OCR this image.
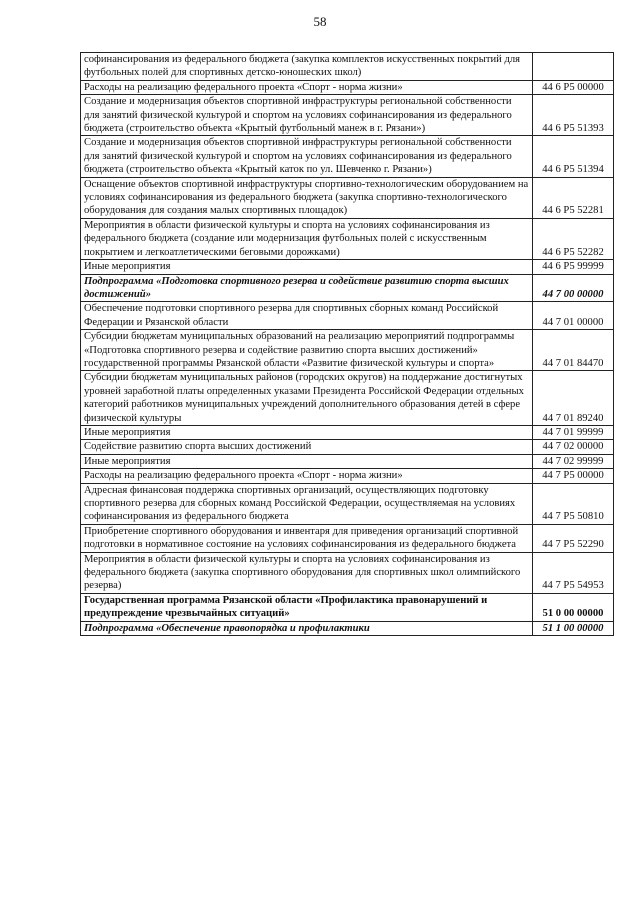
58
софинансирования из федерального бюджета (закупка комплектов искусственных покрытий для футбольных полей для спортивных детско-юношеских школ)	
Расходы на реализацию федерального проекта «Спорт - норма жизни»	44 6 P5 00000
Создание и модернизация объектов спортивной инфраструктуры региональной собственности для занятий физической культурой и спортом на условиях софинансирования из федерального бюджета (строительство объекта «Крытый футбольный манеж в г. Рязани»)	44 6 P5 51393
Создание и модернизация объектов спортивной инфраструктуры региональной собственности для занятий физической культурой и спортом на условиях софинансирования из федерального бюджета (строительство объекта «Крытый каток по ул. Шевченко г. Рязани»)	44 6 P5 51394
Оснащение объектов спортивной инфраструктуры спортивно-технологическим оборудованием на условиях софинансирования из федерального бюджета (закупка спортивно-технологического оборудования для создания малых спортивных площадок)	44 6 P5 52281
Мероприятия в области физической культуры и спорта на условиях софинансирования из федерального бюджета (создание или модернизация футбольных полей с искусственным покрытием и легкоатлетическими беговыми дорожками)	44 6 P5 52282
Иные мероприятия	44 6 P5 99999
Подпрограмма «Подготовка спортивного резерва и содействие развитию спорта высших достижений»	44 7 00 00000
Обеспечение подготовки спортивного резерва для спортивных сборных команд Российской Федерации и Рязанской области	44 7 01 00000
Субсидии бюджетам муниципальных образований на реализацию мероприятий подпрограммы «Подготовка спортивного резерва и содействие развитию спорта высших достижений» государственной программы Рязанской области «Развитие физической культуры и спорта»	44 7 01 84470
Субсидии бюджетам муниципальных районов (городских округов) на поддержание достигнутых уровней заработной платы определенных указами Президента Российской Федерации отдельных категорий работников муниципальных учреждений дополнительного образования детей в сфере физической культуры	44 7 01 89240
Иные мероприятия	44 7 01 99999
Содействие развитию спорта высших достижений	44 7 02 00000
Иные мероприятия	44 7 02 99999
Расходы на реализацию федерального проекта «Спорт - норма жизни»	44 7 P5 00000
Адресная финансовая поддержка спортивных организаций, осуществляющих подготовку спортивного резерва для сборных команд Российской Федерации, осуществляемая на условиях софинансирования из федерального бюджета	44 7 P5 50810
Приобретение спортивного оборудования и инвентаря для приведения организаций спортивной подготовки в нормативное состояние на условиях софинансирования из федерального бюджета	44 7 P5 52290
Мероприятия в области физической культуры и спорта на условиях софинансирования из федерального бюджета (закупка спортивного оборудования для спортивных школ олимпийского резерва)	44 7 P5 54953
Государственная программа Рязанской области «Профилактика правонарушений и предупреждение чрезвычайных ситуаций»	51 0 00 00000
Подпрограмма «Обеспечение правопорядка и профилактики	51 1 00 00000
